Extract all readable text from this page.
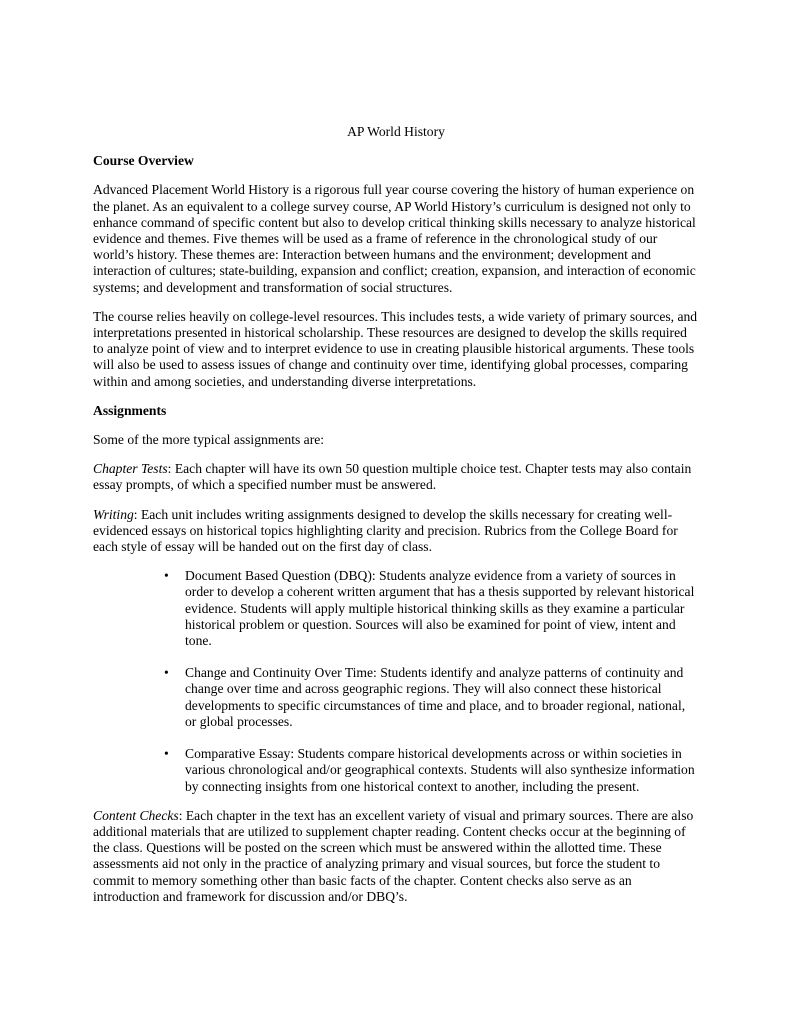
AP World History
Course Overview

Advanced Placement World History is a rigorous full year course covering the history of human experience on the planet. As an equivalent to a college survey course, AP World History’s curriculum is designed not only to enhance command of specific content but also to develop critical thinking skills necessary to analyze historical evidence and themes. Five themes will be used as a frame of reference in the chronological study of our world’s history. These themes are: Interaction between humans and the environment; development and interaction of cultures; state-building, expansion and conflict; creation, expansion, and interaction of economic systems; and development and transformation of social structures.

The course relies heavily on college-level resources. This includes tests, a wide variety of primary sources, and interpretations presented in historical scholarship. These resources are designed to develop the skills required to analyze point of view and to interpret evidence to use in creating plausible historical arguments. These tools will also be used to assess issues of change and continuity over time, identifying global processes, comparing within and among societies, and understanding diverse interpretations.

Assignments

Some of the more typical assignments are:

Chapter Tests: Each chapter will have its own 50 question multiple choice test. Chapter tests may also contain essay prompts, of which a specified number must be answered.

Writing: Each unit includes writing assignments designed to develop the skills necessary for creating well-evidenced essays on historical topics highlighting clarity and precision. Rubrics from the College Board for each style of essay will be handed out on the first day of class.

• Document Based Question (DBQ): Students analyze evidence from a variety of sources in order to develop a coherent written argument that has a thesis supported by relevant historical evidence. Students will apply multiple historical thinking skills as they examine a particular historical problem or question. Sources will also be examined for point of view, intent and tone.
• Change and Continuity Over Time: Students identify and analyze patterns of continuity and change over time and across geographic regions. They will also connect these historical developments to specific circumstances of time and place, and to broader regional, national, or global processes.
• Comparative Essay: Students compare historical developments across or within societies in various chronological and/or geographical contexts. Students will also synthesize information by connecting insights from one historical context to another, including the present.

Content Checks: Each chapter in the text has an excellent variety of visual and primary sources. There are also additional materials that are utilized to supplement chapter reading. Content checks occur at the beginning of the class. Questions will be posted on the screen which must be answered within the allotted time. These assessments aid not only in the practice of analyzing primary and visual sources, but force the student to commit to memory something other than basic facts of the chapter. Content checks also serve as an introduction and framework for discussion and/or DBQ’s.
